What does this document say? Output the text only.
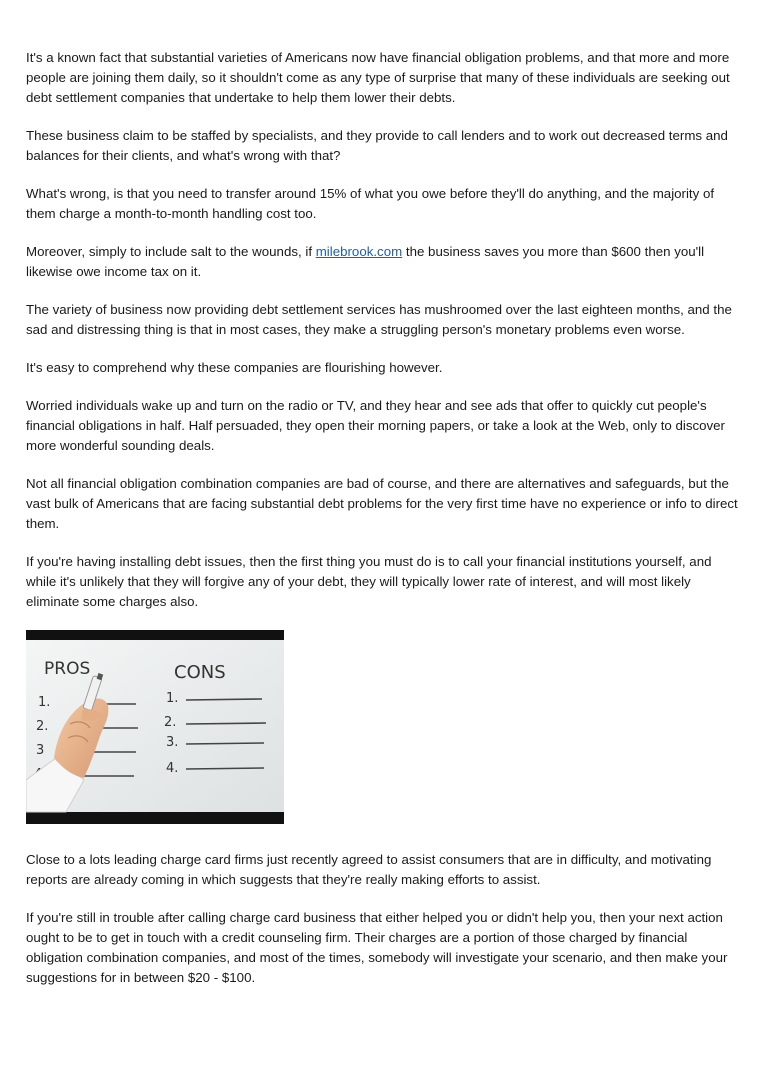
It's a known fact that substantial varieties of Americans now have financial obligation problems, and that more and more people are joining them daily, so it shouldn't come as any type of surprise that many of these individuals are seeking out debt settlement companies that undertake to help them lower their debts.

These business claim to be staffed by specialists, and they provide to call lenders and to work out decreased terms and balances for their clients, and what's wrong with that?

What's wrong, is that you need to transfer around 15% of what you owe before they'll do anything, and the majority of them charge a month-to-month handling cost too.

Moreover, simply to include salt to the wounds, if milebrook.com the business saves you more than $600 then you'll likewise owe income tax on it.

The variety of business now providing debt settlement services has mushroomed over the last eighteen months, and the sad and distressing thing is that in most cases, they make a struggling person's monetary problems even worse.

It's easy to comprehend why these companies are flourishing however.

Worried individuals wake up and turn on the radio or TV, and they hear and see ads that offer to quickly cut people's financial obligations in half. Half persuaded, they open their morning papers, or take a look at the Web, only to discover more wonderful sounding deals.

Not all financial obligation combination companies are bad of course, and there are alternatives and safeguards, but the vast bulk of Americans that are facing substantial debt problems for the very first time have no experience or info to direct them.

If you're having installing debt issues, then the first thing you must do is to call your financial institutions yourself, and while it's unlikely that they will forgive any of your debt, they will typically lower rate of interest, and will most likely eliminate some charges also.

PROS	CONS
1.
2.
3
1.
2.
3.
4.

Close to a lots leading charge card firms just recently agreed to assist consumers that are in difficulty, and motivating reports are already coming in which suggests that they're really making efforts to assist.

If you're still in trouble after calling charge card business that either helped you or didn't help you, then your next action ought to be to get in touch with a credit counseling firm. Their charges are a portion of those charged by financial obligation combination companies, and most of the times, somebody will investigate your scenario, and then make your suggestions for in between $20 - $100.
